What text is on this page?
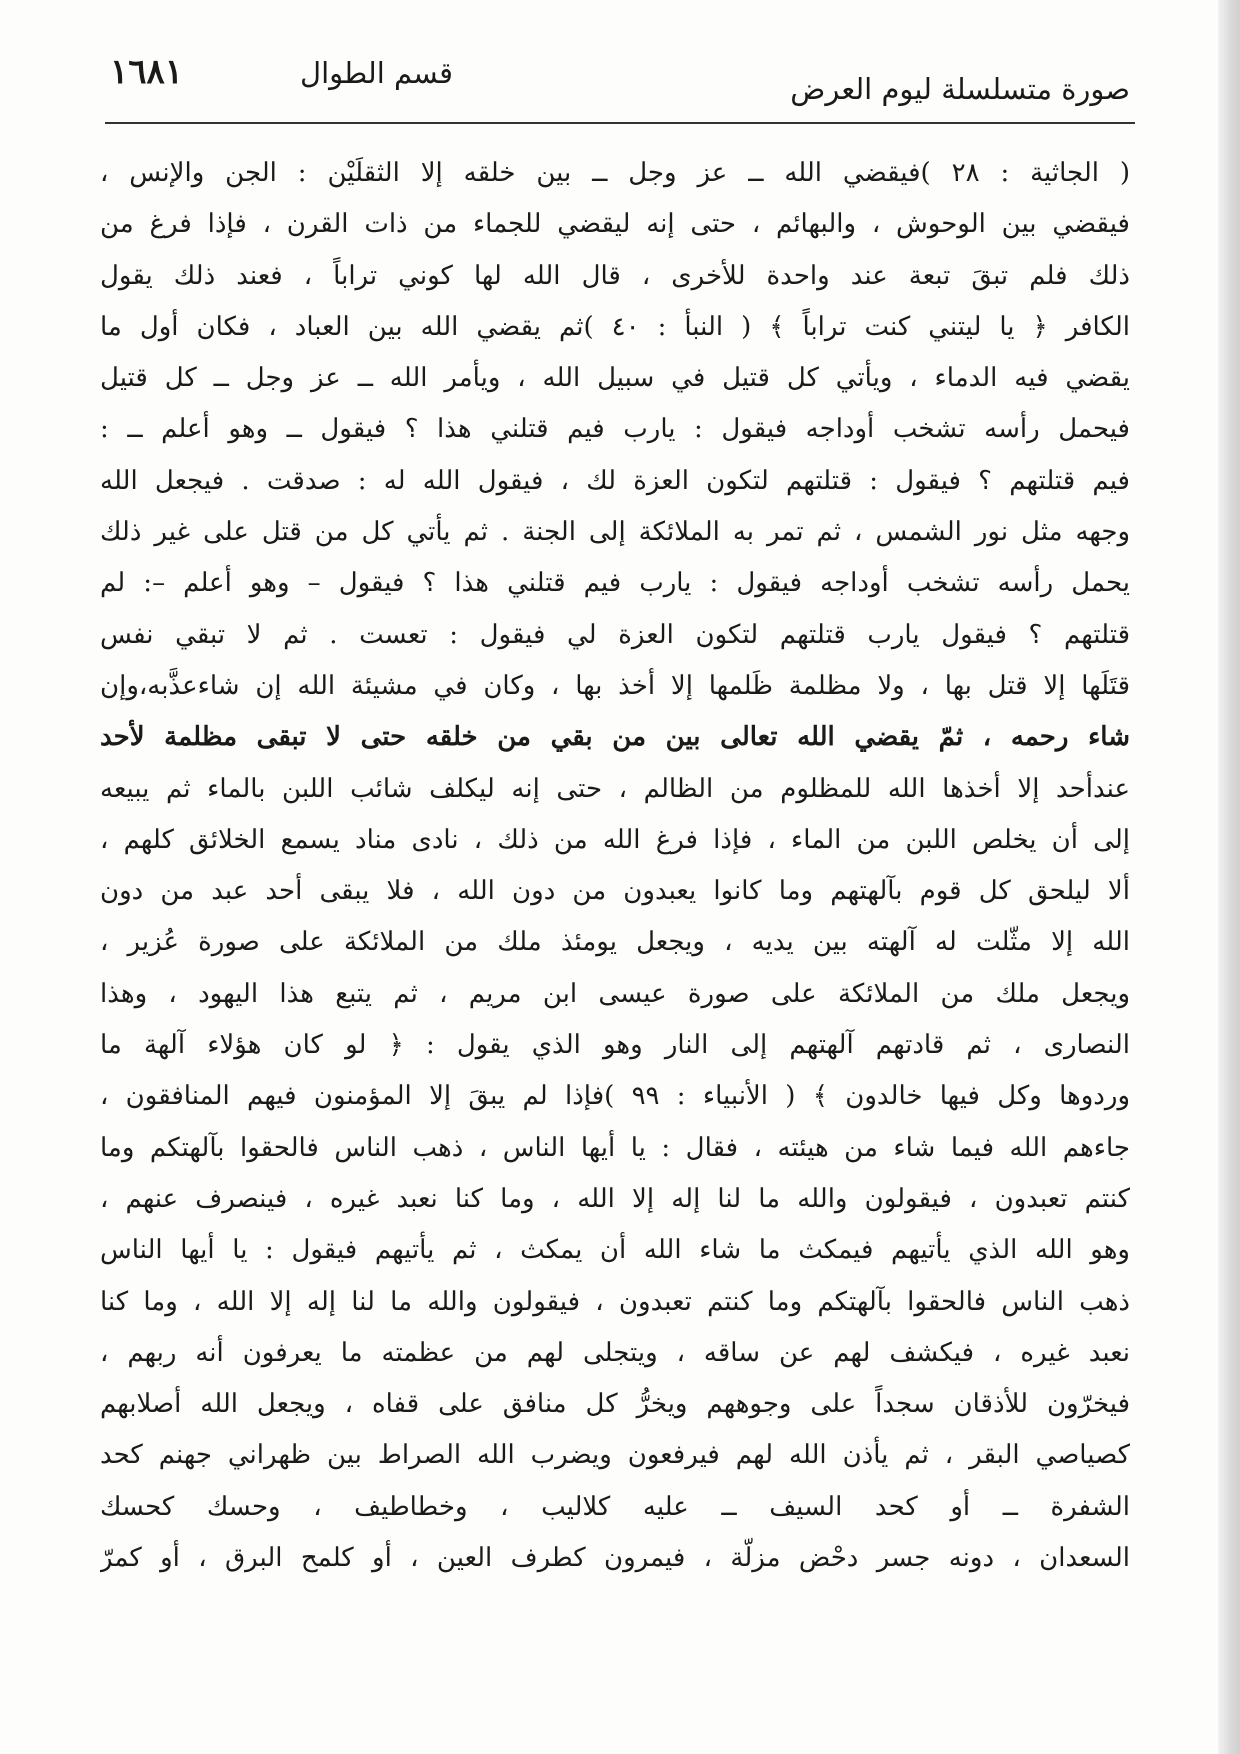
صورة متسلسلة ليوم العرض
قسم الطوال
١٦٨١
( الجاثية : ٢٨ )فيقضي الله ــ عز وجل ــ بين خلقه إلا الثقلَيْن : الجن والإنس ،
فيقضي بين الوحوش ، والبهائم ، حتى إنه ليقضي للجماء من ذات القرن ، فإذا فرغ من
ذلك فلم تبقَ تبعة عند واحدة للأخرى ، قال الله لها كوني تراباً ، فعند ذلك يقول
الكافر ﴿ يا ليتني كنت تراباً ﴾ ( النبأ : ٤٠ )ثم يقضي الله بين العباد ، فكان أول ما
يقضي فيه الدماء ، ويأتي كل قتيل في سبيل الله ، ويأمر الله ــ عز وجل ــ كل قتيل
فيحمل رأسه تشخب أوداجه فيقول : يارب فيم قتلني هذا ؟ فيقول ــ وهو أعلم ــ :
فيم قتلتهم ؟ فيقول : قتلتهم لتكون العزة لك ، فيقول الله له : صدقت . فيجعل الله
وجهه مثل نور الشمس ، ثم تمر به الملائكة إلى الجنة . ثم يأتي كل من قتل على غير ذلك
يحمل رأسه تشخب أوداجه فيقول : يارب فيم قتلني هذا ؟ فيقول – وهو أعلم –: لم
قتلتهم ؟ فيقول يارب قتلتهم لتكون العزة لي فيقول : تعست . ثم لا تبقي نفس
قتَلَها إلا قتل بها ، ولا مظلمة ظَلمها إلا أخذ بها ، وكان في مشيئة الله إن شاءعذَّبه،وإن
شاء رحمه ، ثمّ يقضي الله تعالى بين من بقي من خلقه حتى لا تبقى مظلمة لأحد
عندأحد إلا أخذها الله للمظلوم من الظالم ، حتى إنه ليكلف شائب اللبن بالماء ثم يبيعه
إلى أن يخلص اللبن من الماء ، فإذا فرغ الله من ذلك ، نادى مناد يسمع الخلائق كلهم ،
ألا ليلحق كل قوم بآلهتهم وما كانوا يعبدون من دون الله ، فلا يبقى أحد عبد من دون
الله إلا مثّلت له آلهته بين يديه ، ويجعل يومئذ ملك من الملائكة على صورة عُزير ،
ويجعل ملك من الملائكة على صورة عيسى ابن مريم ، ثم يتبع هذا اليهود ، وهذا
النصارى ، ثم قادتهم آلهتهم إلى النار وهو الذي يقول : ﴿ لو كان هؤلاء آلهة ما
وردوها وكل فيها خالدون ﴾ ( الأنبياء : ٩٩ )فإذا لم يبقَ إلا المؤمنون فيهم المنافقون ،
جاءهم الله فيما شاء من هيئته ، فقال : يا أيها الناس ، ذهب الناس فالحقوا بآلهتكم وما
كنتم تعبدون ، فيقولون والله ما لنا إله إلا الله ، وما كنا نعبد غيره ، فينصرف عنهم ،
وهو الله الذي يأتيهم فيمكث ما شاء الله أن يمكث ، ثم يأتيهم فيقول : يا أيها الناس
ذهب الناس فالحقوا بآلهتكم وما كنتم تعبدون ، فيقولون والله ما لنا إله إلا الله ، وما كنا
نعبد غيره ، فيكشف لهم عن ساقه ، ويتجلى لهم من عظمته ما يعرفون أنه ربهم ،
فيخرّون للأذقان سجداً على وجوههم ويخرُّ كل منافق على قفاه ، ويجعل الله أصلابهم
كصياصي البقر ، ثم يأذن الله لهم فيرفعون ويضرب الله الصراط بين ظهراني جهنم كحد
الشفرة ــ أو كحد السيف ــ عليه كلاليب ، وخطاطيف ، وحسك كحسك
السعدان ، دونه جسر دحْض مزلّة ، فيمرون كطرف العين ، أو كلمح البرق ، أو كمرّ
